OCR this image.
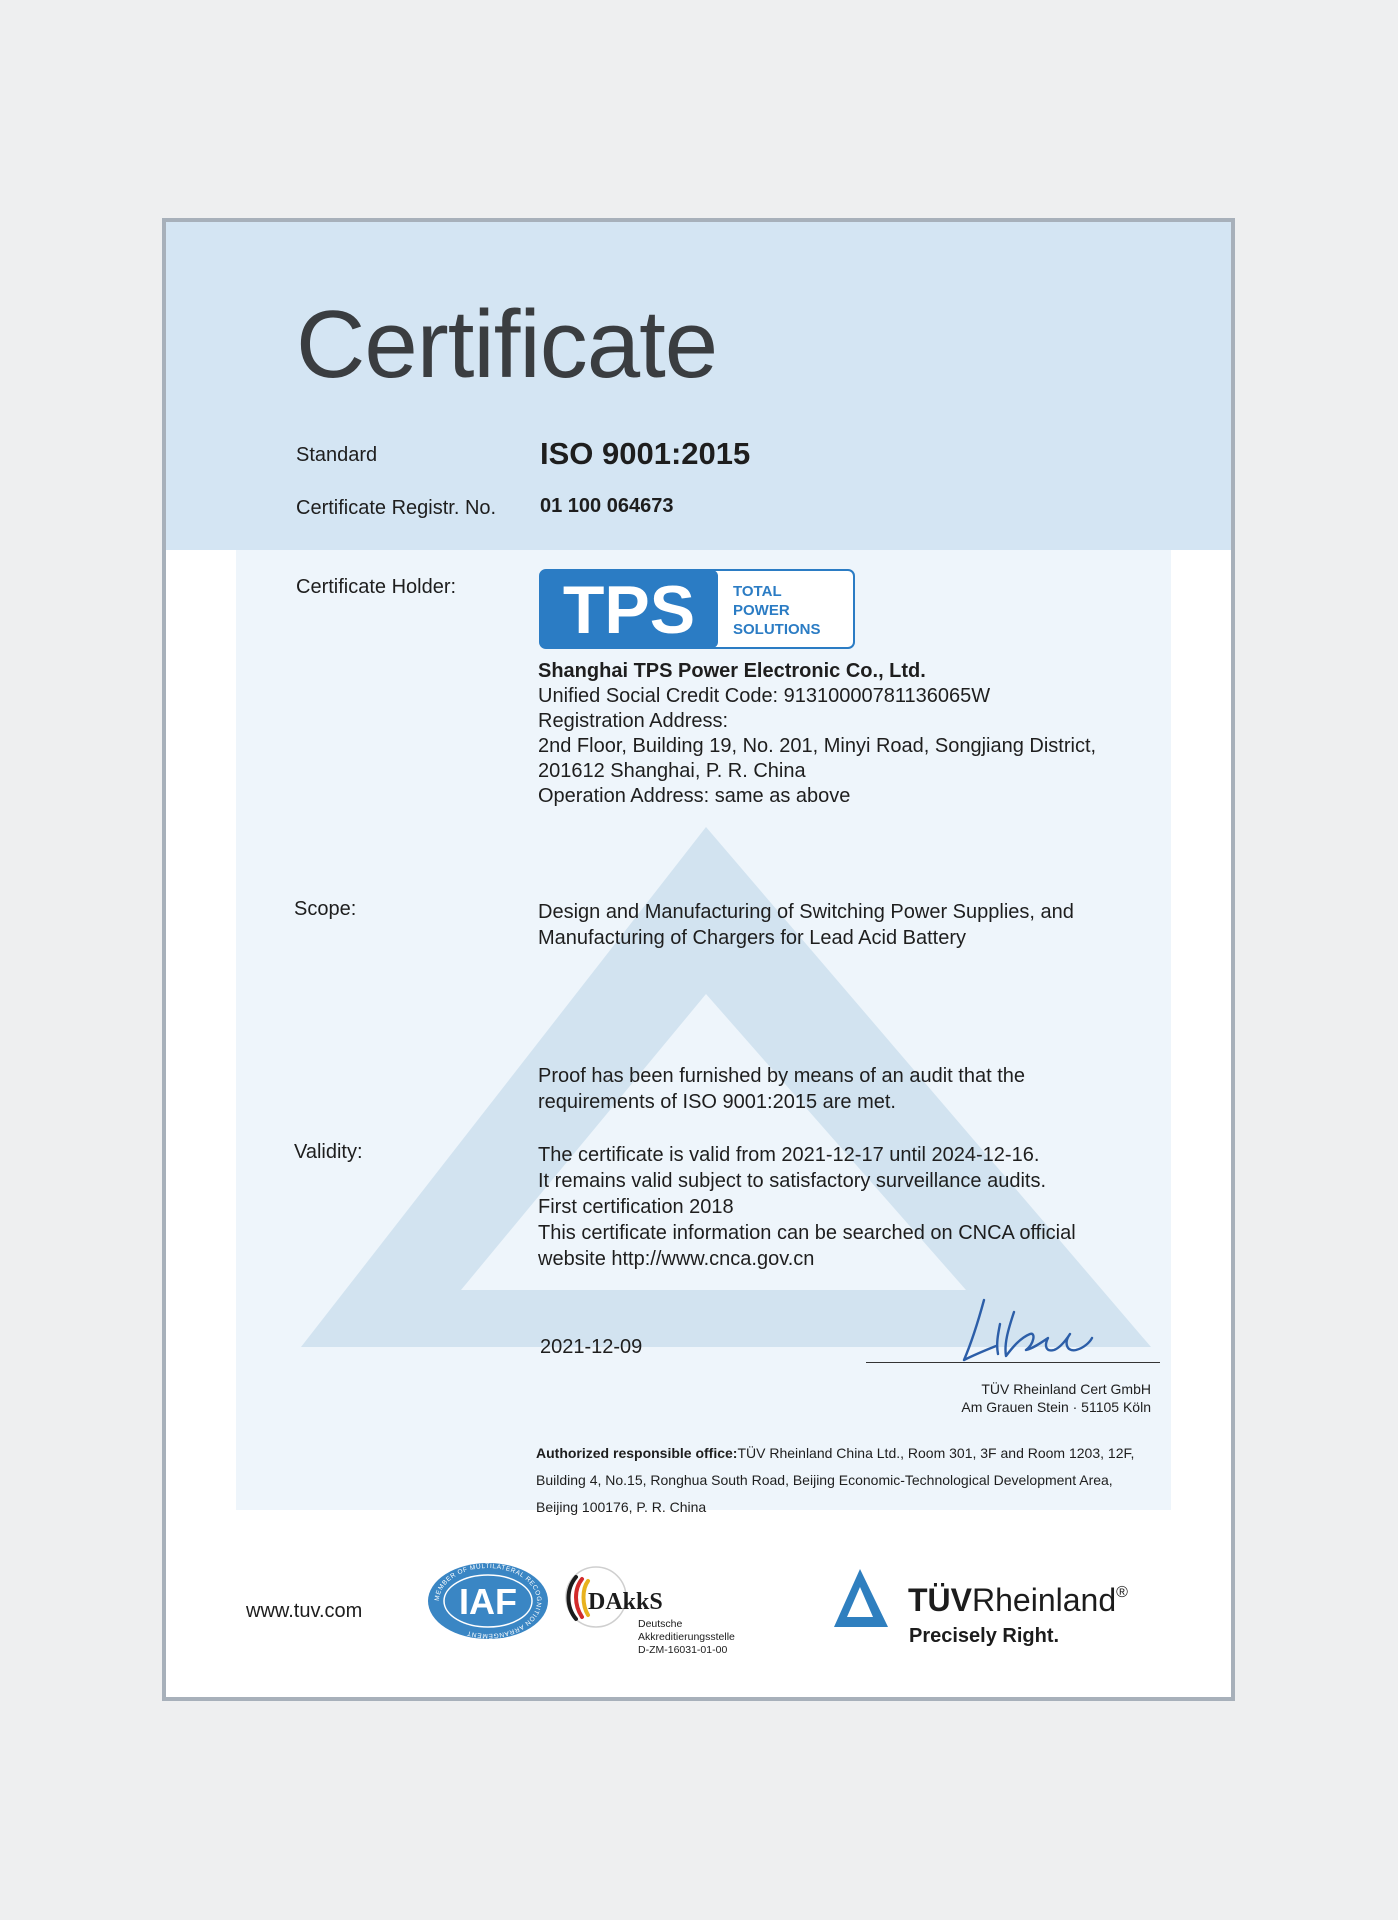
Certificate
Standard	ISO 9001:2015
Certificate Registr. No. 01 100 064673
Certificate Holder: TPS	TOTAL
POWER
SOLUTIONS
Shanghai TPS Power Electronic Co., Ltd.
Unified Social Credit Code: 91310000781136065W
Registration Address:
2nd Floor, Building 19, No. 201, Minyi Road, Songjiang District,
201612 Shanghai, P. R. China
Operation Address: same as above
Scope:	Design and Manufacturing of Switching Power Supplies, and
Manufacturing of Chargers for Lead Acid Battery
Proof has been furnished by means of an audit that the
requirements of ISO 9001:2015 are met.
Validity:	The certificate is valid from 2021-12-17 until 2024-12-16.
It remains valid subject to satisfactory surveillance audits.
First certification 2018
This certificate information can be searched on CNCA official
website http://www.cnca.gov.cn
2021-12-09
TÜV Rheinland Cert GmbH
Am Grauen Stein · 51105 Köln
Authorized responsible office:TÜV Rheinland China Ltd., Room 301, 3F and Room 1203, 12F, Building 4, No.15, Ronghua South Road, Beijing Economic-Technological Development Area, Beijing 100176, P. R. China
www.tuv.com
MEMBER OF MULTILATERAL RECOGNITION ARRANGEMENT
IAF	DAkkS
Deutsche
Akkreditierungsstelle
D-ZM-16031-01-00
TÜVRheinland®
Precisely Right.
